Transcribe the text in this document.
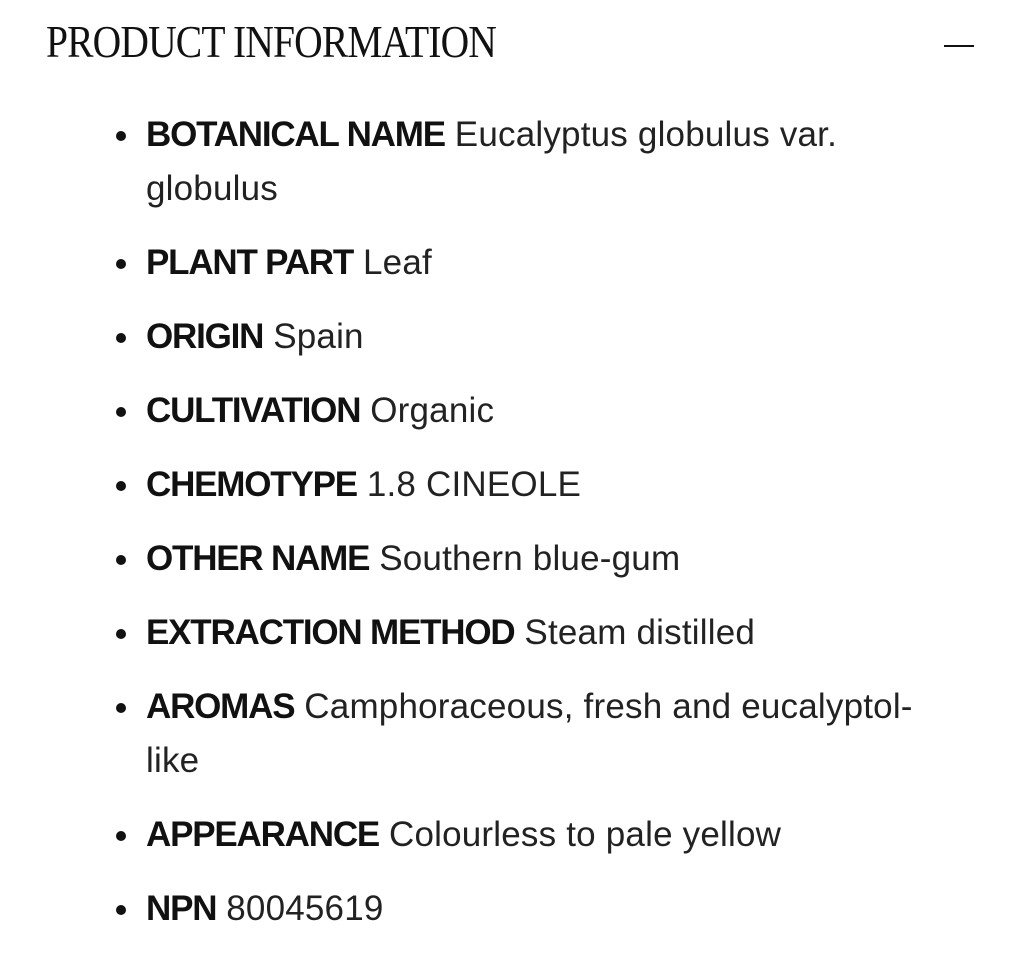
PRODUCT INFORMATION
BOTANICAL NAME Eucalyptus globulus var. globulus
PLANT PART Leaf
ORIGIN Spain
CULTIVATION Organic
CHEMOTYPE 1.8 CINEOLE
OTHER NAME Southern blue-gum
EXTRACTION METHOD Steam distilled
AROMAS Camphoraceous, fresh and eucalyptol-like
APPEARANCE Colourless to pale yellow
NPN 80045619
